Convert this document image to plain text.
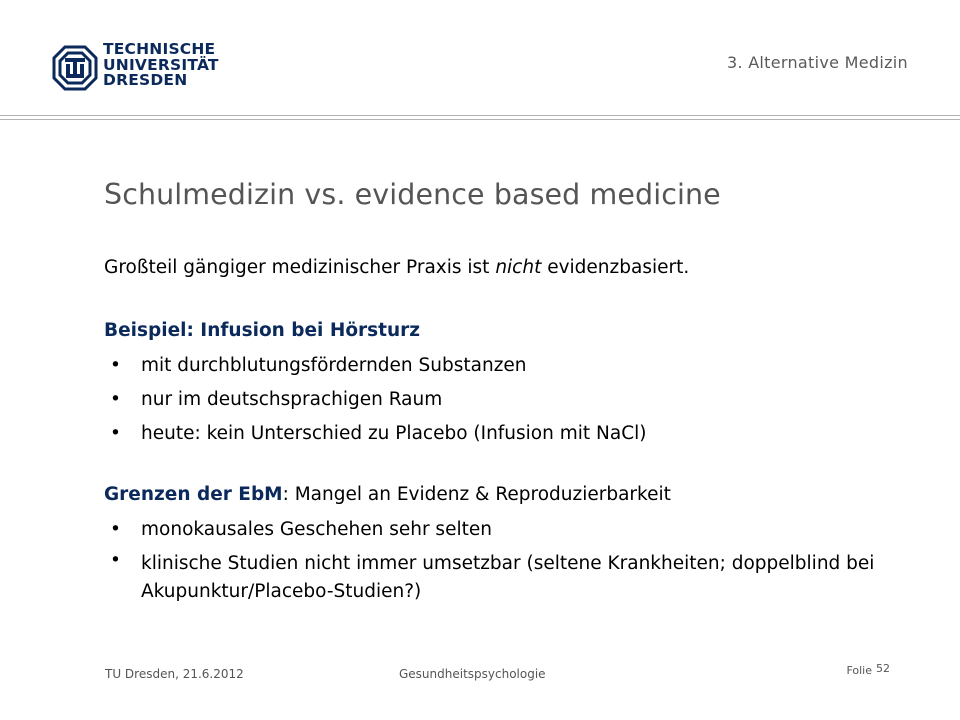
TECHNISCHE
UNIVERSITÄT
DRESDEN
3. Alternative Medizin
Schulmedizin vs. evidence based medicine
Großteil gängiger medizinischer Praxis ist nicht evidenzbasiert.
Beispiel: Infusion bei Hörsturz
• mit durchblutungsfördernden Substanzen
• nur im deutschsprachigen Raum
• heute: kein Unterschied zu Placebo (Infusion mit NaCl)
Grenzen der EbM: Mangel an Evidenz & Reproduzierbarkeit
• monokausales Geschehen sehr selten
• klinische Studien nicht immer umsetzbar (seltene Krankheiten; doppelblind bei Akupunktur/Placebo-Studien?)
TU Dresden, 21.6.2012	Gesundheitspsychologie	Folie 52
